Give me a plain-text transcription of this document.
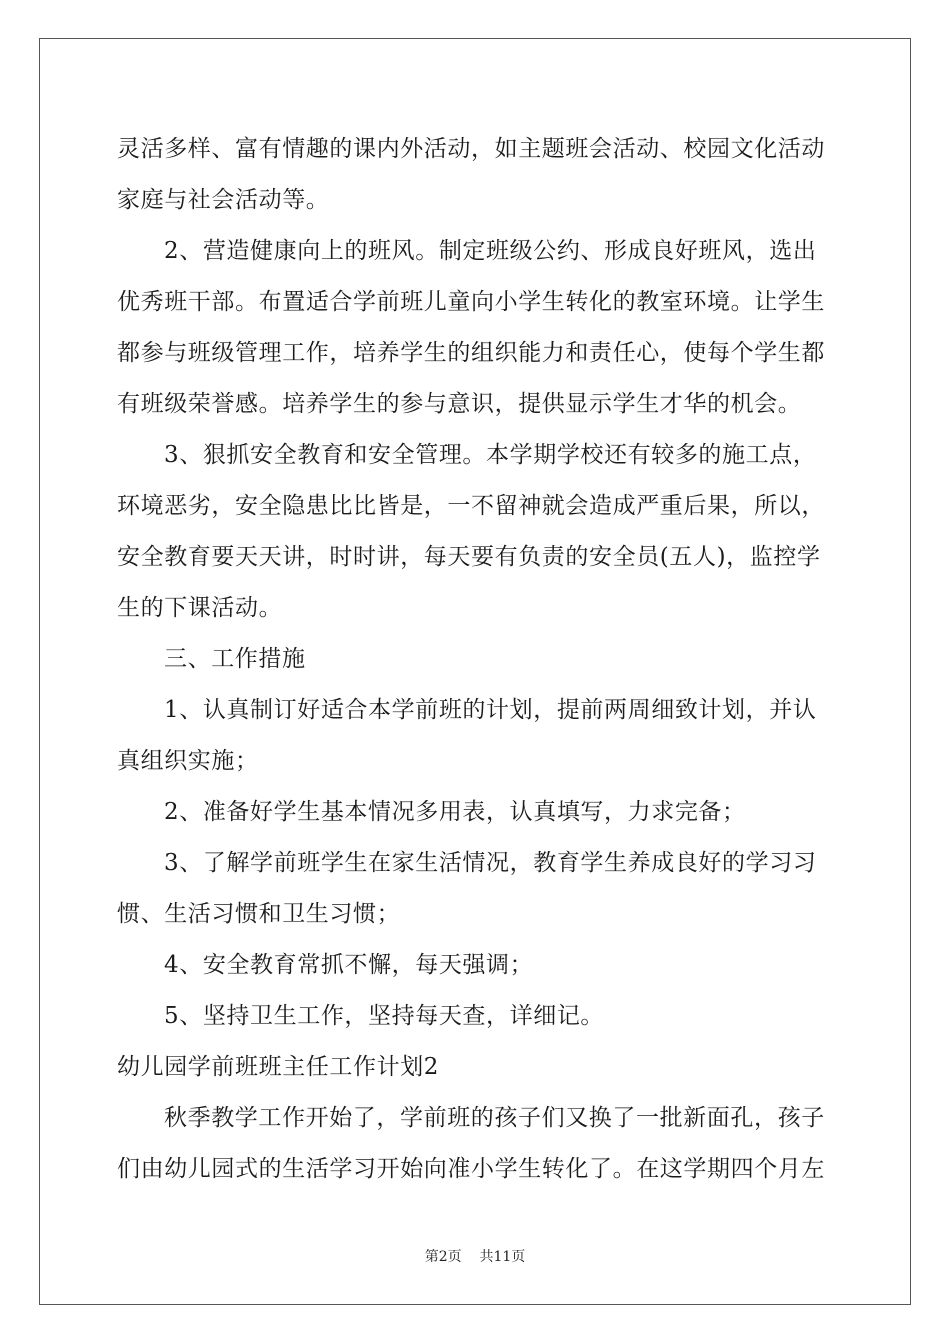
灵活多样、富有情趣的课内外活动，如主题班会活动、校园文化活动
家庭与社会活动等。
2、营造健康向上的班风。制定班级公约、形成良好班风，选出
优秀班干部。布置适合学前班儿童向小学生转化的教室环境。让学生
都参与班级管理工作，培养学生的组织能力和责任心，使每个学生都
有班级荣誉感。培养学生的参与意识，提供显示学生才华的机会。
3、狠抓安全教育和安全管理。本学期学校还有较多的施工点，
环境恶劣，安全隐患比比皆是，一不留神就会造成严重后果，所以，
安全教育要天天讲，时时讲，每天要有负责的安全员(五人)，监控学
生的下课活动。
三、工作措施
1、认真制订好适合本学前班的计划，提前两周细致计划，并认
真组织实施；
2、准备好学生基本情况多用表，认真填写，力求完备；
3、了解学前班学生在家生活情况，教育学生养成良好的学习习
惯、生活习惯和卫生习惯；
4、安全教育常抓不懈，每天强调；
5、坚持卫生工作，坚持每天查，详细记。
幼儿园学前班班主任工作计划2
秋季教学工作开始了，学前班的孩子们又换了一批新面孔，孩子
们由幼儿园式的生活学习开始向准小学生转化了。在这学期四个月左
第2页 共11页
